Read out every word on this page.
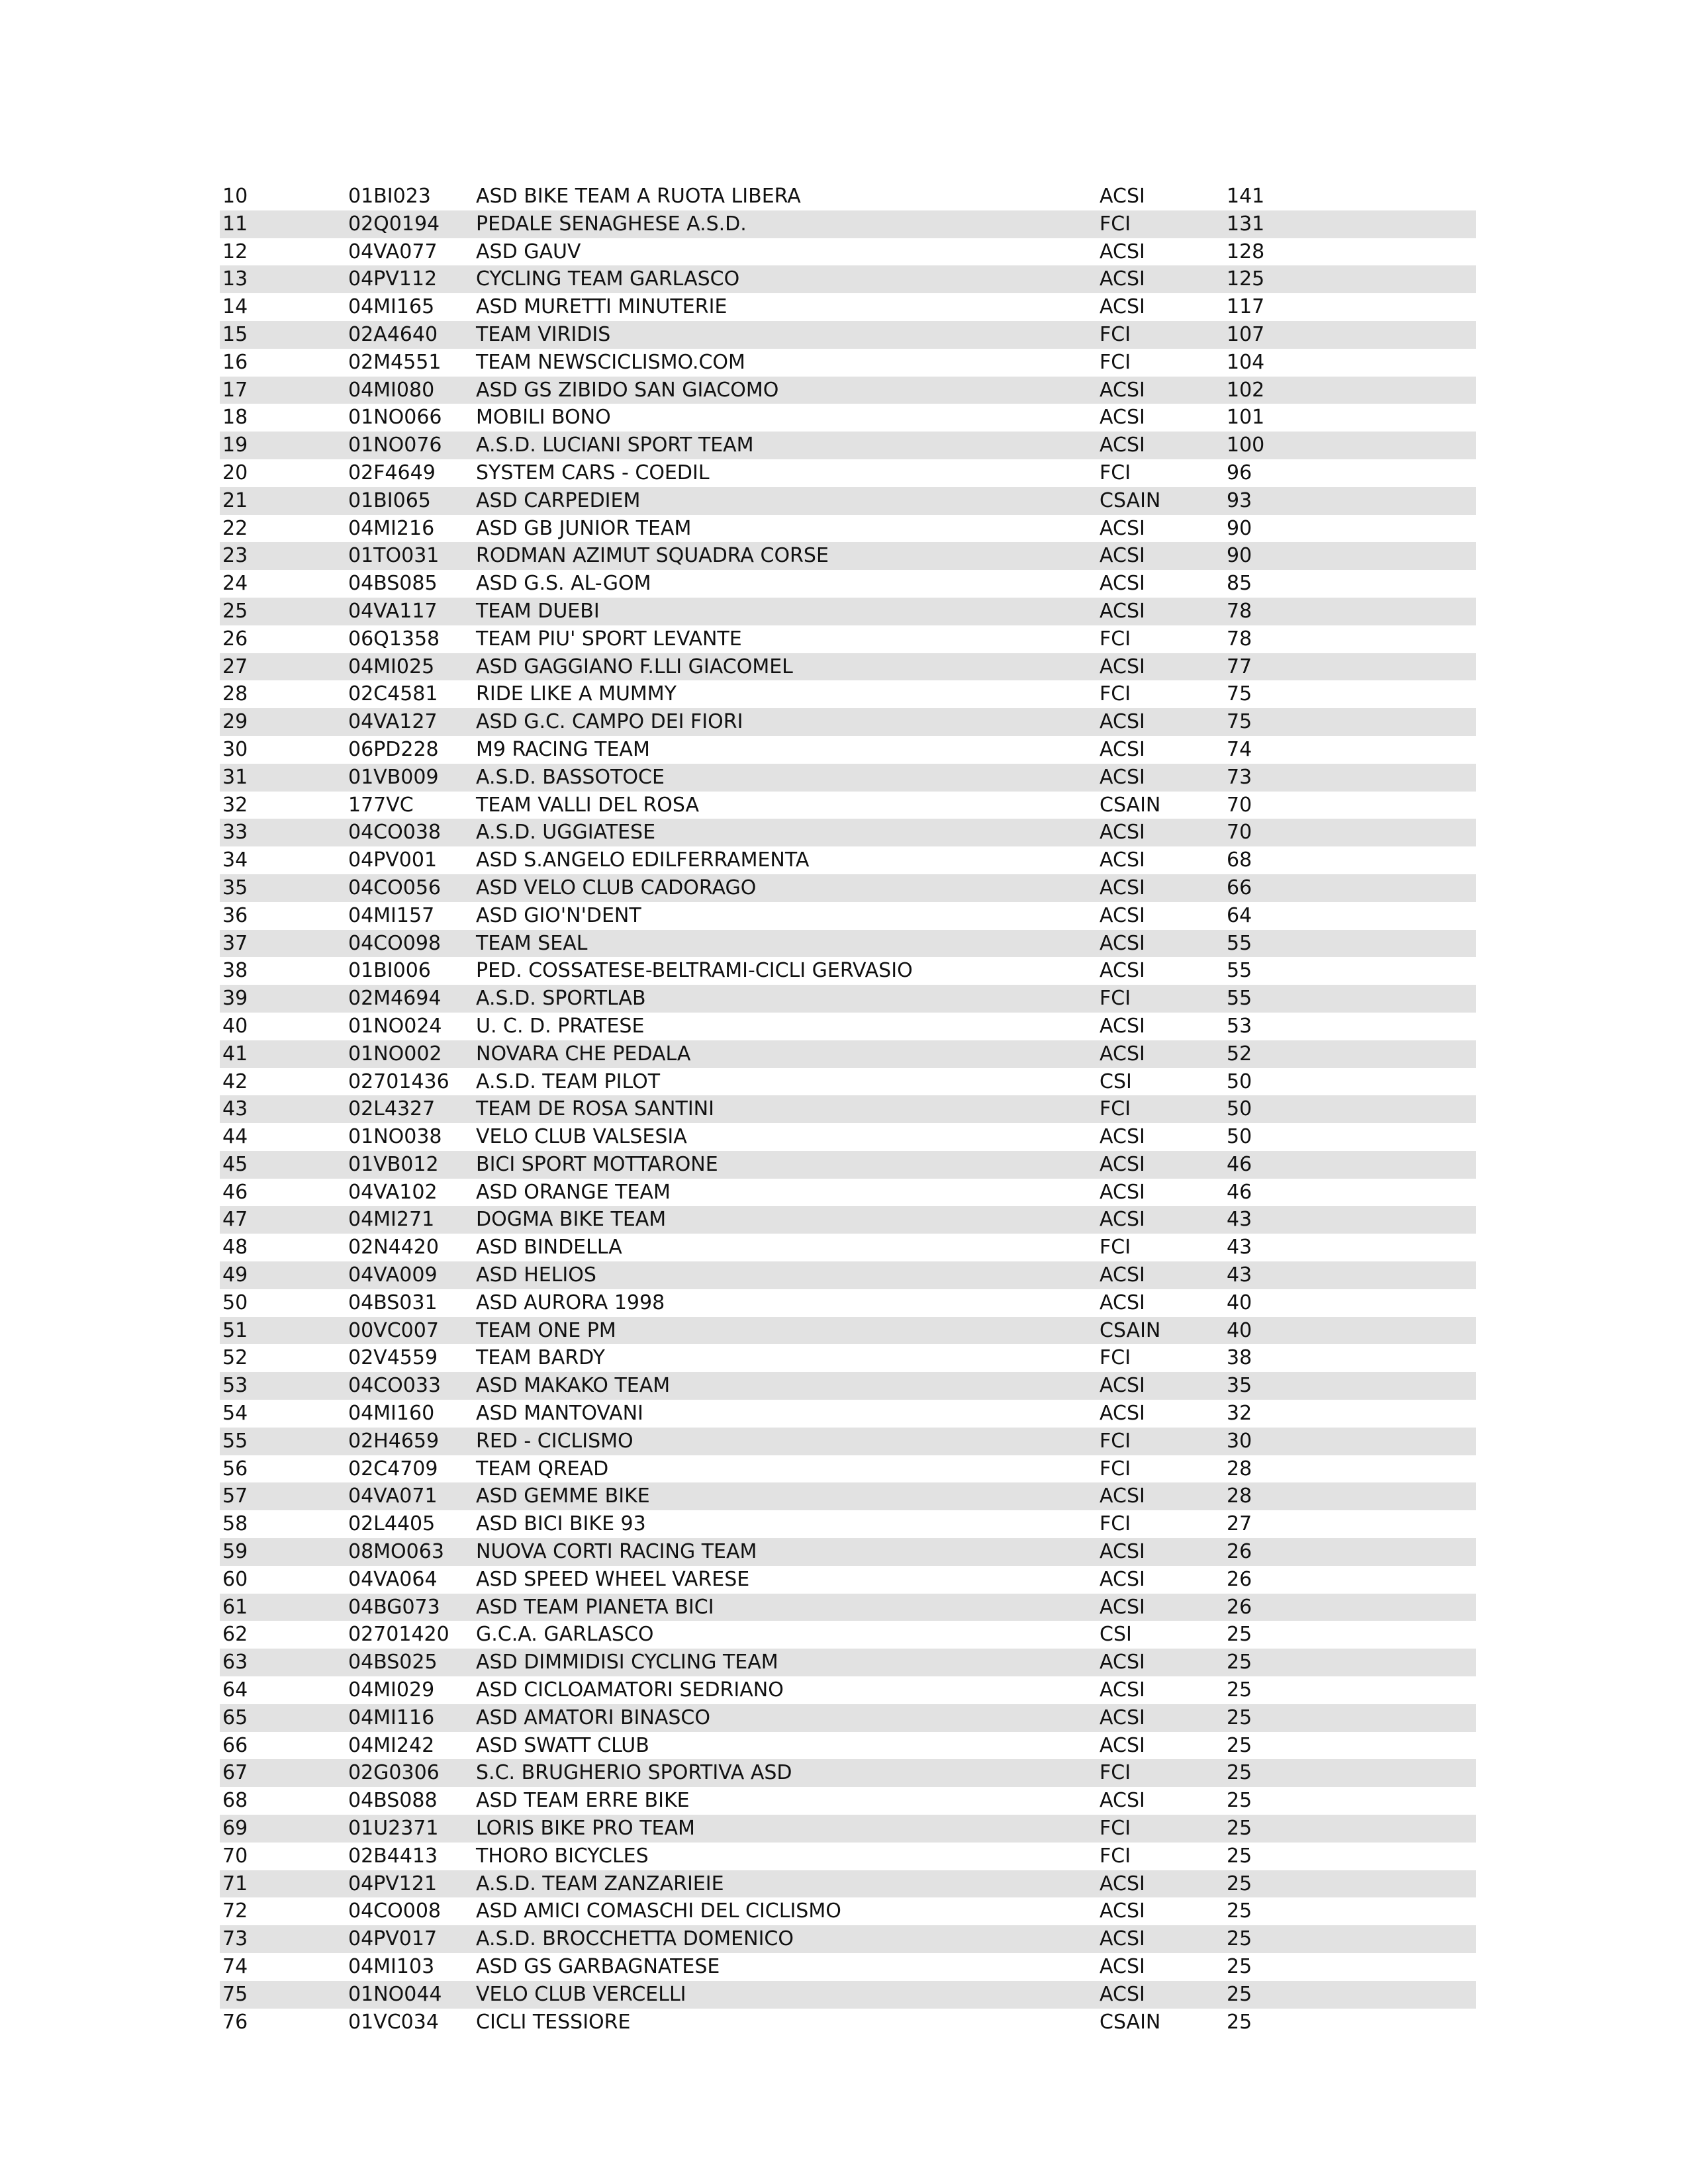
10	01BI023 ASD BIKE TEAM A RUOTA LIBERA	ACSI	141
11	02Q0194 PEDALE SENAGHESE A.S.D.	FCI	131
12	04VA077 ASD GAUV	ACSI	128
13	04PV112 CYCLING TEAM GARLASCO	ACSI	125
14	04MI165 ASD MURETTI MINUTERIE	ACSI	117
15	02A4640 TEAM VIRIDIS	FCI	107
16	02M4551 TEAM NEWSCICLISMO.COM	FCI	104
17	04MI080 ASD GS ZIBIDO SAN GIACOMO	ACSI	102
18	01NO066 MOBILI BONO	ACSI	101
19	01NO076 A.S.D. LUCIANI SPORT TEAM	ACSI	100
20	02F4649 SYSTEM CARS - COEDIL	FCI	96
21	01BI065 ASD CARPEDIEM	CSAIN	93
22	04MI216 ASD GB JUNIOR TEAM	ACSI	90
23	01TO031 RODMAN AZIMUT SQUADRA CORSE	ACSI	90
24	04BS085 ASD G.S. AL-GOM	ACSI	85
25	04VA117 TEAM DUEBI	ACSI	78
26	06Q1358 TEAM PIU' SPORT LEVANTE	FCI	78
27	04MI025 ASD GAGGIANO F.LLI GIACOMEL	ACSI	77
28	02C4581 RIDE LIKE A MUMMY	FCI	75
29	04VA127 ASD G.C. CAMPO DEI FIORI	ACSI	75
30	06PD228 M9 RACING TEAM	ACSI	74
31	01VB009 A.S.D. BASSOTOCE	ACSI	73
32	177VC	TEAM VALLI DEL ROSA	CSAIN	70
33	04CO038 A.S.D. UGGIATESE	ACSI	70
34	04PV001 ASD S.ANGELO EDILFERRAMENTA	ACSI	68
35	04CO056 ASD VELO CLUB CADORAGO	ACSI	66
36	04MI157 ASD GIO'N'DENT	ACSI	64
37	04CO098 TEAM SEAL	ACSI	55
38	01BI006 PED. COSSATESE-BELTRAMI-CICLI GERVASIO	ACSI	55
39	02M4694 A.S.D. SPORTLAB	FCI	55
40	01NO024 U. C. D. PRATESE	ACSI	53
41	01NO002 NOVARA CHE PEDALA	ACSI	52
42	02701436 A.S.D. TEAM PILOT	CSI	50
43	02L4327 TEAM DE ROSA SANTINI	FCI	50
44	01NO038 VELO CLUB VALSESIA	ACSI	50
45	01VB012 BICI SPORT MOTTARONE	ACSI	46
46	04VA102 ASD ORANGE TEAM	ACSI	46
47	04MI271 DOGMA BIKE TEAM	ACSI	43
48	02N4420 ASD BINDELLA	FCI	43
49	04VA009 ASD HELIOS	ACSI	43
50	04BS031 ASD AURORA 1998	ACSI	40
51	00VC007 TEAM ONE PM	CSAIN	40
52	02V4559 TEAM BARDY	FCI	38
53	04CO033 ASD MAKAKO TEAM	ACSI	35
54	04MI160 ASD MANTOVANI	ACSI	32
55	02H4659 RED - CICLISMO	FCI	30
56	02C4709 TEAM QREAD	FCI	28
57	04VA071 ASD GEMME BIKE	ACSI	28
58	02L4405 ASD BICI BIKE 93	FCI	27
59	08MO063 NUOVA CORTI RACING TEAM	ACSI	26
60	04VA064 ASD SPEED WHEEL VARESE	ACSI	26
61	04BG073 ASD TEAM PIANETA BICI	ACSI	26
62	02701420 G.C.A. GARLASCO	CSI	25
63	04BS025 ASD DIMMIDISI CYCLING TEAM	ACSI	25
64	04MI029 ASD CICLOAMATORI SEDRIANO	ACSI	25
65	04MI116 ASD AMATORI BINASCO	ACSI	25
66	04MI242 ASD SWATT CLUB	ACSI	25
67	02G0306 S.C. BRUGHERIO SPORTIVA ASD	FCI	25
68	04BS088 ASD TEAM ERRE BIKE	ACSI	25
69	01U2371 LORIS BIKE PRO TEAM	FCI	25
70	02B4413 THORO BICYCLES	FCI	25
71	04PV121 A.S.D. TEAM ZANZARIEIE	ACSI	25
72	04CO008 ASD AMICI COMASCHI DEL CICLISMO	ACSI	25
73	04PV017 A.S.D. BROCCHETTA DOMENICO	ACSI	25
74	04MI103 ASD GS GARBAGNATESE	ACSI	25
75	01NO044 VELO CLUB VERCELLI	ACSI	25
76	01VC034 CICLI TESSIORE	CSAIN	25
